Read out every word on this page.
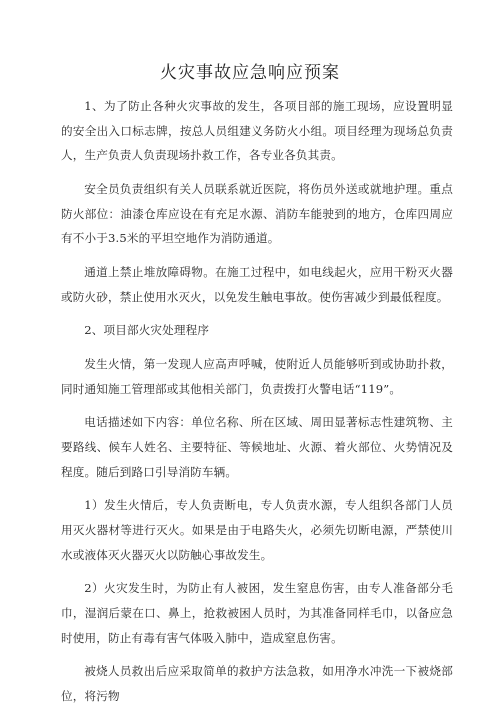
火灾事故应急响应预案

1、为了防止各种火灾事故的发生，各项目部的施工现场，应设置明显的安全出入口标志牌，按总人员组建义务防火小组。项目经理为现场总负责人，生产负责人负责现场扑救工作，各专业各负其责。

安全员负责组织有关人员联系就近医院，将伤员外送或就地护理。重点防火部位：油漆仓库应设在有充足水源、消防车能驶到的地方，仓库四周应有不小于3.5米的平坦空地作为消防通道。

通道上禁止堆放障碍物。在施工过程中，如电线起火，应用干粉灭火器或防火砂，禁止使用水灭火，以免发生触电事故。使伤害减少到最低程度。

2、项目部火灾处理程序

发生火情，第一发现人应高声呼喊，使附近人员能够听到或协助扑救，同时通知施工管理部或其他相关部门，负责拨打火警电话“119”。

电话描述如下内容：单位名称、所在区域、周田显著标志性建筑物、主要路线、候车人姓名、主要特征、等候地址、火源、着火部位、火势情况及程度。随后到路口引导消防车辆。

1）发生火情后，专人负责断电，专人负责水源，专人组织各部门人员用灭火器材等进行灭火。如果是由于电路失火，必须先切断电源，严禁使川水或液体灭火器灭火以防触心事故发生。

2）火灾发生时，为防止有人被困，发生窒息伤害，由专人准备部分毛巾，湿润后蒙在口、鼻上，抢救被困人员时，为其准备同样毛巾，以备应急时使用，防止有毒有害气体吸入肺中，造成窒息伤害。

被烧人员救出后应采取简单的救护方法急救，如用净水冲洗一下被烧部位，将污物
